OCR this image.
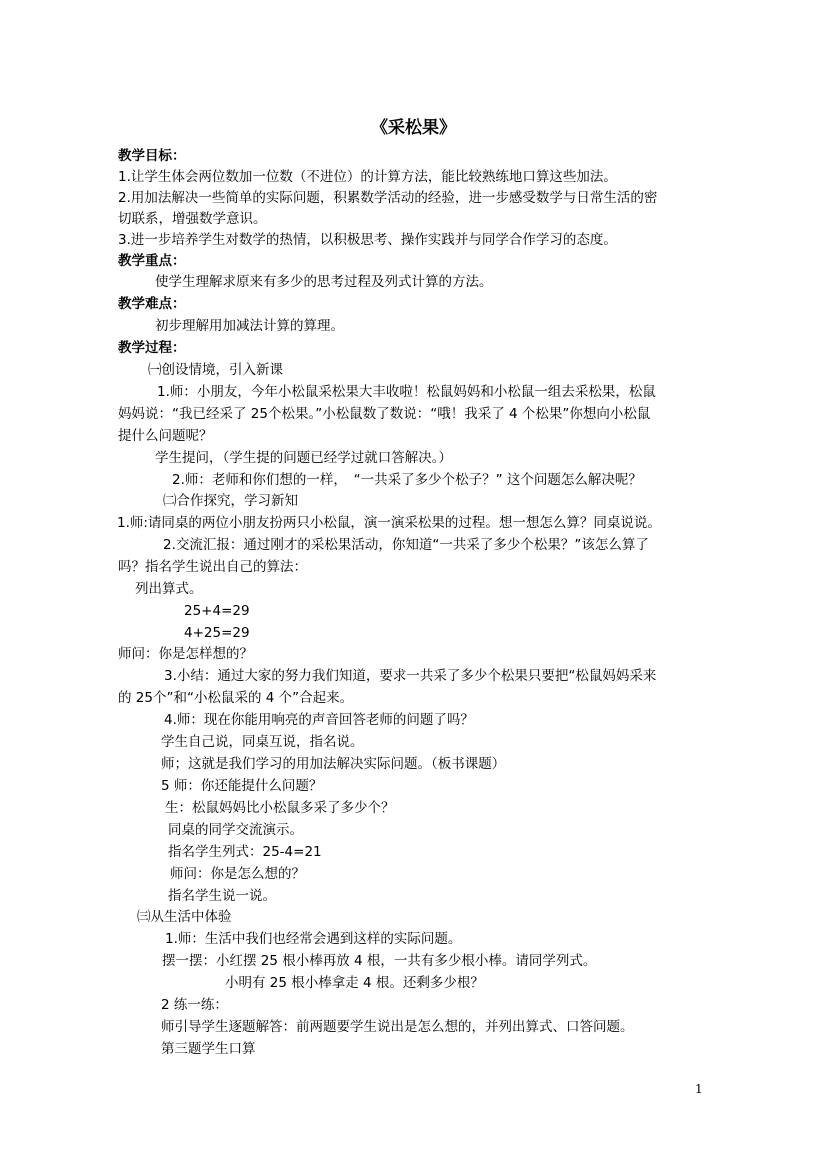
《采松果》
教学目标：
1.让学生体会两位数加一位数（不进位）的计算方法，能比较熟练地口算这些加法。
2.用加法解决一些简单的实际问题，积累数学活动的经验，进一步感受数学与日常生活的密
切联系，增强数学意识。
3.进一步培养学生对数学的热情，以积极思考、操作实践并与同学合作学习的态度。
教学重点：
使学生理解求原来有多少的思考过程及列式计算的方法。
教学难点：
初步理解用加减法计算的算理。
教学过程：
㈠创设情境，引入新课
1.师：小朋友，今年小松鼠采松果大丰收啦！松鼠妈妈和小松鼠一组去采松果，松鼠
妈妈说：“我已经采了 25个松果。”小松鼠数了数说：“哦！我采了 4 个松果”你想向小松鼠
提什么问题呢？
学生提问，（学生提的问题已经学过就口答解决。）
2.师：老师和你们想的一样，　“一共采了多少个松子？” 这个问题怎么解决呢？
㈡合作探究，学习新知
1.师:请同桌的两位小朋友扮两只小松鼠，演一演采松果的过程。想一想怎么算？同桌说说。
2.交流汇报：通过刚才的采松果活动，你知道“一共采了多少个松果？”该怎么算了
吗？指名学生说出自己的算法：
列出算式。
25+4=29
4+25=29
师问：你是怎样想的？
3.小结：通过大家的努力我们知道，要求一共采了多少个松果只要把“松鼠妈妈采来
的 25个”和“小松鼠采的 4 个”合起来。
4.师：现在你能用响亮的声音回答老师的问题了吗？
学生自己说，同桌互说，指名说。
师；这就是我们学习的用加法解决实际问题。（板书课题）
5 师：你还能提什么问题？
生：松鼠妈妈比小松鼠多采了多少个？
同桌的同学交流演示。
指名学生列式：25-4=21
师问：你是怎么想的？
指名学生说一说。
㈢从生活中体验
1.师：生活中我们也经常会遇到这样的实际问题。
摆一摆：小红摆 25 根小棒再放 4 根，一共有多少根小棒。请同学列式。
小明有 25 根小棒拿走 4 根。还剩多少根？
2 练一练：
师引导学生逐题解答：前两题要学生说出是怎么想的，并列出算式、口答问题。
第三题学生口算
1
